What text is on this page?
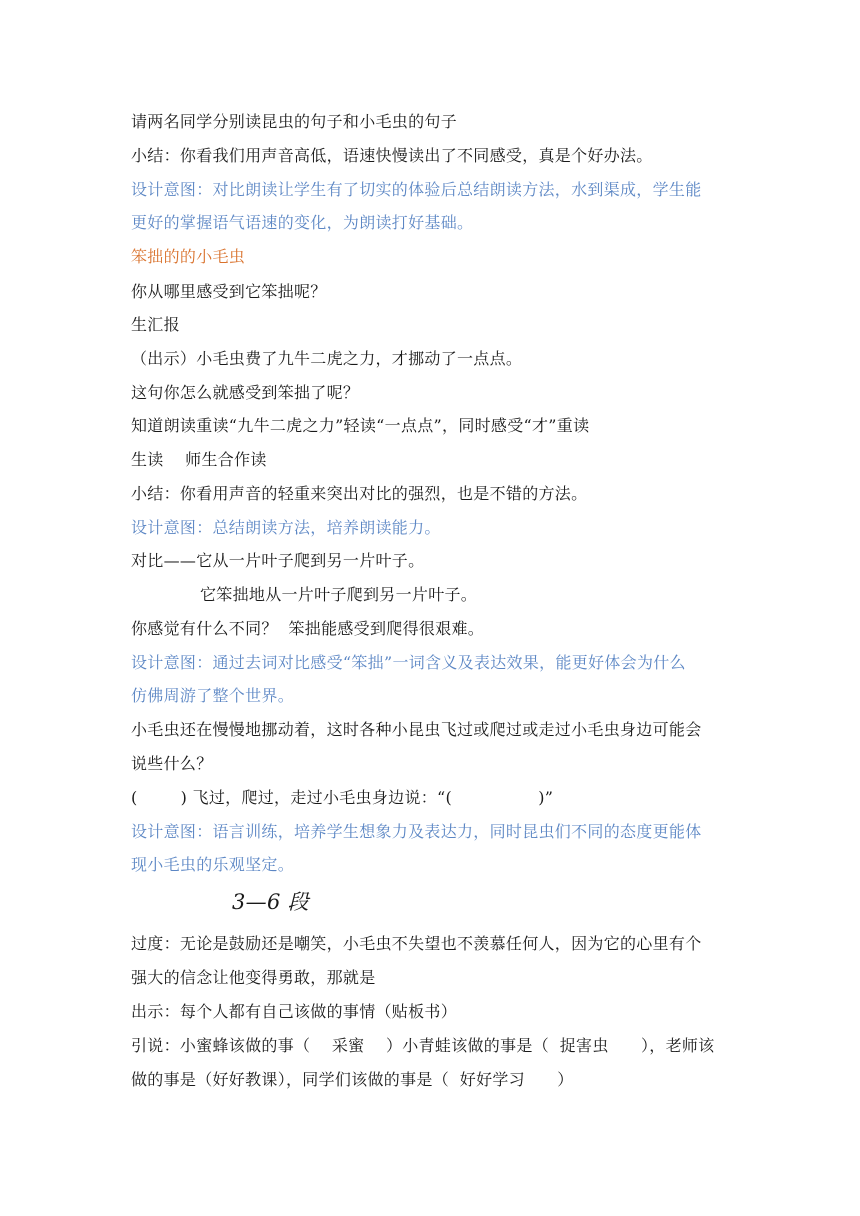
请两名同学分别读昆虫的句子和小毛虫的句子
小结：你看我们用声音高低，语速快慢读出了不同感受，真是个好办法。
设计意图：对比朗读让学生有了切实的体验后总结朗读方法，水到渠成，学生能
更好的掌握语气语速的变化，为朗读打好基础。
笨拙的的小毛虫
你从哪里感受到它笨拙呢？
生汇报
（出示）小毛虫费了九牛二虎之力，才挪动了一点点。
这句你怎么就感受到笨拙了呢？
知道朗读重读“九牛二虎之力”轻读“一点点”，同时感受“才”重读
生读    师生合作读
小结：你看用声音的轻重来突出对比的强烈，也是不错的方法。
设计意图：总结朗读方法，培养朗读能力。
对比——它从一片叶子爬到另一片叶子。
它笨拙地从一片叶子爬到另一片叶子。
你感觉有什么不同？  笨拙能感受到爬得很艰难。
设计意图：通过去词对比感受“笨拙”一词含义及表达效果，能更好体会为什么
仿佛周游了整个世界。
小毛虫还在慢慢地挪动着，这时各种小昆虫飞过或爬过或走过小毛虫身边可能会
说些什么？
(        ) 飞过，爬过，走过小毛虫身边说：“(                )”
设计意图：语言训练，培养学生想象力及表达力，同时昆虫们不同的态度更能体
现小毛虫的乐观坚定。
3—6 段
过度：无论是鼓励还是嘲笑，小毛虫不失望也不羡慕任何人，因为它的心里有个
强大的信念让他变得勇敢，那就是
出示：每个人都有自己该做的事情（贴板书）
引说：小蜜蜂该做的事（    采蜜    ）小青蛙该做的事是（  捉害虫      ），老师该
做的事是（好好教课），同学们该做的事是（  好好学习      ）
